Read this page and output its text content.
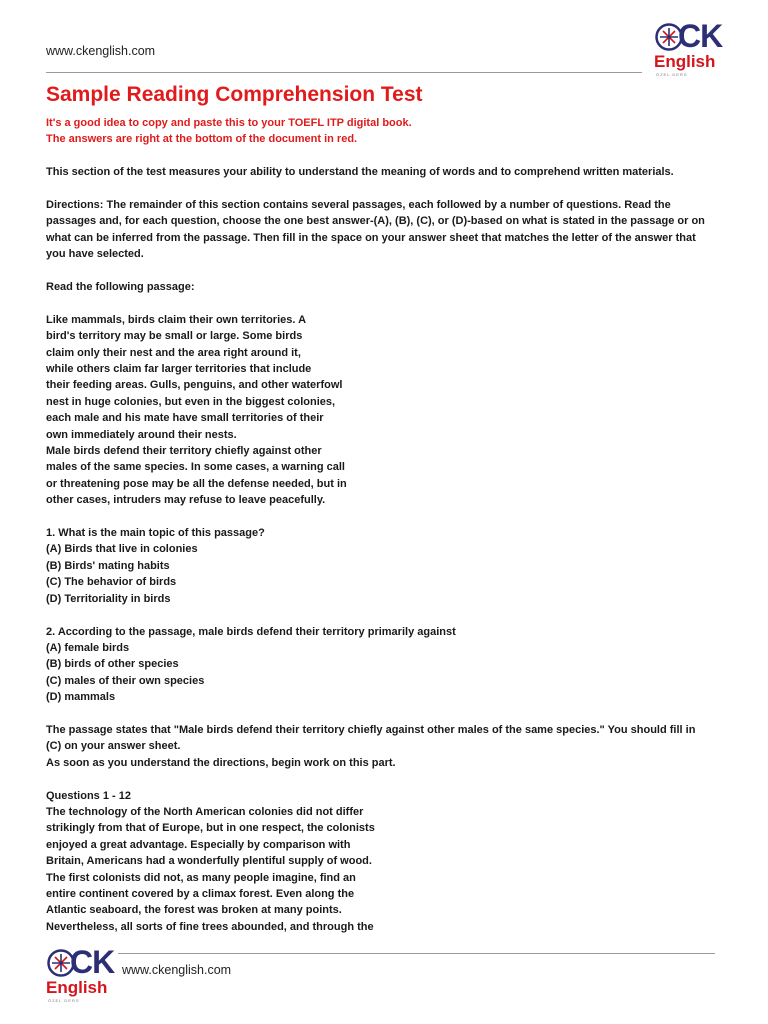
www.ckenglish.com	CK
English
ÖZEL DERS
Sample Reading Comprehension Test

It's a good idea to copy and paste this to your TOEFL ITP digital book.

The answers are right at the bottom of the document in red.

This section of the test measures your ability to understand the meaning of words and to comprehend written materials.

Directions: The remainder of this section contains several passages, each followed by a number of questions. Read the

passages and, for each question, choose the one best answer-(A), (B), (C), or (D)-based on what is stated in the passage or on

what can be inferred from the passage. Then fill in the space on your answer sheet that matches the letter of the answer that

you have selected.

Read the following passage:

Like mammals, birds claim their own territories. A

bird's territory may be small or large. Some birds

claim only their nest and the area right around it,

while others claim far larger territories that include

their feeding areas. Gulls, penguins, and other waterfowl

nest in huge colonies, but even in the biggest colonies,

each male and his mate have small territories of their

own immediately around their nests.

Male birds defend their territory chiefly against other

males of the same species. In some cases, a warning call

or threatening pose may be all the defense needed, but in

other cases, intruders may refuse to leave peacefully.

1. What is the main topic of this passage?

(A) Birds that live in colonies

(B) Birds' mating habits

(C) The behavior of birds

(D) Territoriality in birds

2. According to the passage, male birds defend their territory primarily against

(A) female birds

(B) birds of other species

(C) males of their own species

(D) mammals

The passage states that "Male birds defend their territory chiefly against other males of the same species." You should fill in

(C) on your answer sheet.

As soon as you understand the directions, begin work on this part.

Questions 1 - 12

The technology of the North American colonies did not differ

strikingly from that of Europe, but in one respect, the colonists

enjoyed a great advantage. Especially by comparison with

Britain, Americans had a wonderfully plentiful supply of wood.

The first colonists did not, as many people imagine, find an

entire continent covered by a climax forest. Even along the

Atlantic seaboard, the forest was broken at many points.

Nevertheless, all sorts of fine trees abounded, and through the

CK
English
ÖZEL DERS
www.ckenglish.com
